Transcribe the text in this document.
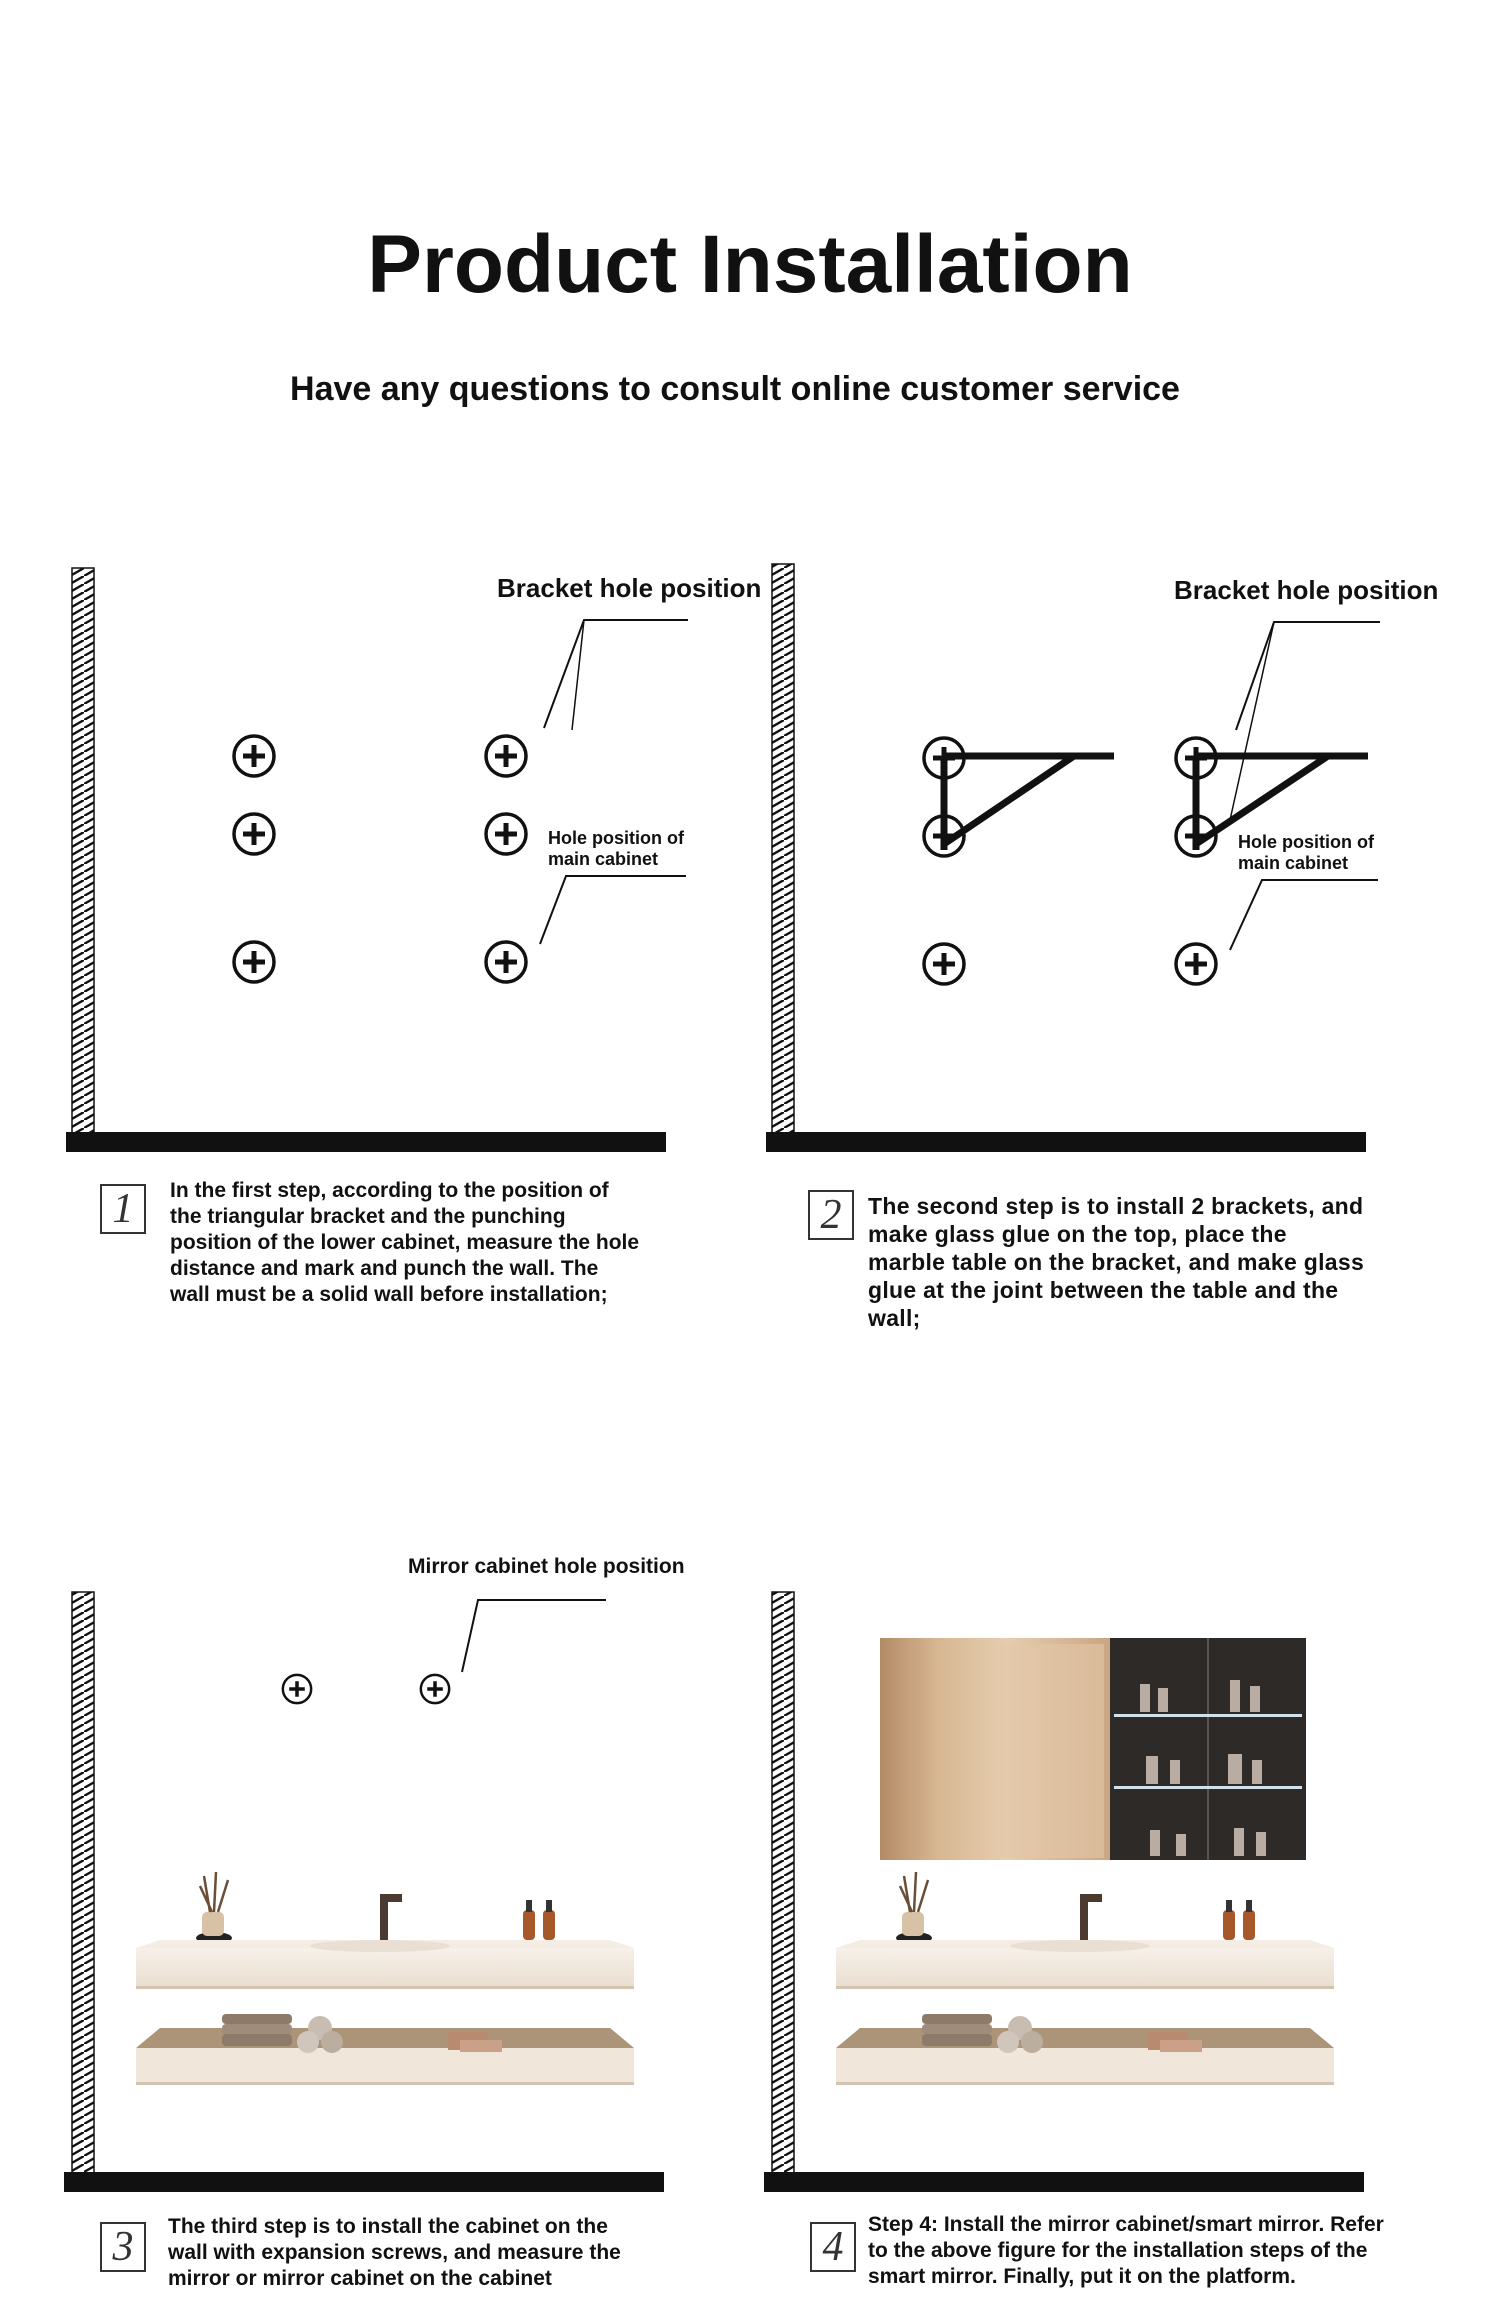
Product Installation

Have any questions to consult online customer service

Bracket hole position
Hole position of main cabinet
1	In the first step, according to the position of the triangular bracket and the punching position of the lower cabinet, measure the hole distance and mark and punch the wall. The wall must be a solid wall before installation;

Bracket hole position
Hole position of main cabinet
2	The second step is to install 2 brackets, and make glass glue on the top, place the marble table on the bracket, and make glass glue at the joint between the table and the wall;

Mirror cabinet hole position
3	The third step is to install the cabinet on the wall with expansion screws, and measure the mirror or mirror cabinet on the cabinet

4	Step 4: Install the mirror cabinet/smart mirror. Refer to the above figure for the installation steps of the smart mirror. Finally, put it on the platform.
